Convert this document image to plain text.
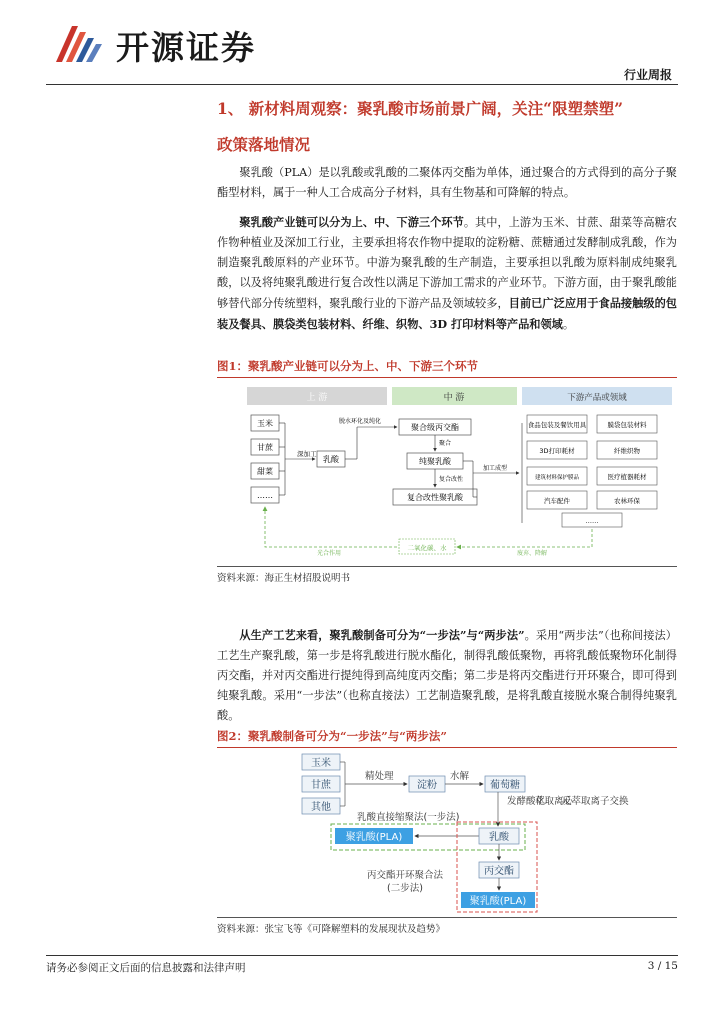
开源证券
行业周报
1、 新材料周观察：聚乳酸市场前景广阔，关注“限塑禁塑”
政策落地情况
聚乳酸（PLA）是以乳酸或乳酸的二聚体丙交酯为单体，通过聚合的方式得到的高分子聚酯型材料，属于一种人工合成高分子材料，具有生物基和可降解的特点。
聚乳酸产业链可以分为上、中、下游三个环节。其中，上游为玉米、甘蔗、甜菜等高糖农作物种植业及深加工行业，主要承担将农作物中提取的淀粉糖、蔗糖通过发酵制成乳酸，作为制造聚乳酸原料的产业环节。中游为聚乳酸的生产制造，主要承担以乳酸为原料制成纯聚乳酸，以及将纯聚乳酸进行复合改性以满足下游加工需求的产业环节。下游方面，由于聚乳酸能够替代部分传统塑料，聚乳酸行业的下游产品及领域较多，目前已广泛应用于食品接触级的包装及餐具、膜袋类包装材料、纤维、织物、3D 打印材料等产品和领域。
图1：聚乳酸产业链可以分为上、中、下游三个环节
上 游	中 游	下游产品或领域
玉米
甘蔗
甜菜
……
深加工
乳酸
脱水环化及纯化
聚合级丙交酯
聚合
纯聚乳酸
复合改性
复合改性聚乳酸
加工成型
食品包装及餐饮用具	膜袋包装材料
3D打印耗材	纤维织物
建筑材料保护膜品	医疗植器耗材
汽车配件	农林环保
……
二氧化碳、水
光合作用	废弃、降解
资料来源：海正生材招股说明书
从生产工艺来看，聚乳酸制备可分为“一步法”与“两步法”。采用“两步法”（也称间接法）工艺生产聚乳酸，第一步是将乳酸进行脱水酯化，制得乳酸低聚物，再将乳酸低聚物环化制得丙交酯，并对丙交酯进行提纯得到高纯度丙交酯；第二步是将丙交酯进行开环聚合，即可得到纯聚乳酸。采用“一步法”（也称直接法）工艺制造聚乳酸，是将乳酸直接脱水聚合制得纯聚乳酸。
图2：聚乳酸制备可分为“一步法”与“两步法”
玉米
甘蔗
其他
精处理
淀粉
水解
葡萄糖
发酵酸化
萃取离心
反萃取离子交换
乳酸直接缩聚法(一步法)
聚乳酸(PLA)	乳酸
丙交酯
聚乳酸(PLA)
丙交酯开环聚合法
(二步法)
资料来源：张宝飞等《可降解塑料的发展现状及趋势》
请务必参阅正文后面的信息披露和法律声明	3 / 15
